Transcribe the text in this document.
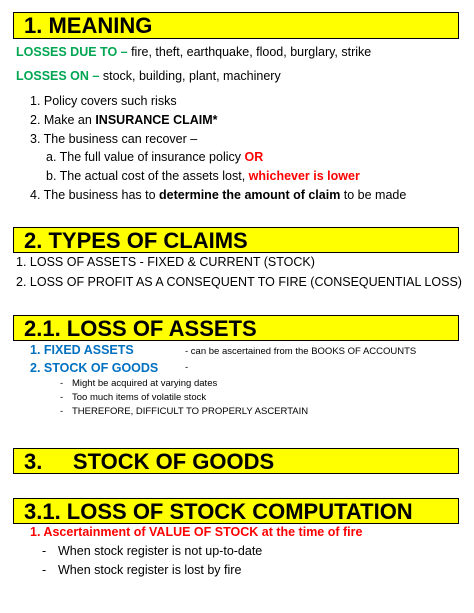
1. MEANING
LOSSES DUE TO – fire, theft, earthquake, flood, burglary, strike
LOSSES ON – stock, building, plant, machinery
1. Policy covers such risks
2. Make an INSURANCE CLAIM*
3. The business can recover –
a. The full value of insurance policy OR
b. The actual cost of the assets lost, whichever is lower
4. The business has to determine the amount of claim to be made
2. TYPES OF CLAIMS
1. LOSS OF ASSETS - FIXED & CURRENT (STOCK)
2. LOSS OF PROFIT AS A CONSEQUENT TO FIRE (CONSEQUENTIAL LOSS)
2.1. LOSS OF ASSETS
1. FIXED ASSETS	- can be ascertained from the BOOKS OF ACCOUNTS
2. STOCK OF GOODS	-
- Might be acquired at varying dates
- Too much items of volatile stock
- THEREFORE, DIFFICULT TO PROPERLY ASCERTAIN
3.     STOCK OF GOODS
3.1. LOSS OF STOCK COMPUTATION
1. Ascertainment of VALUE OF STOCK at the time of fire
- When stock register is not up-to-date
- When stock register is lost by fire
